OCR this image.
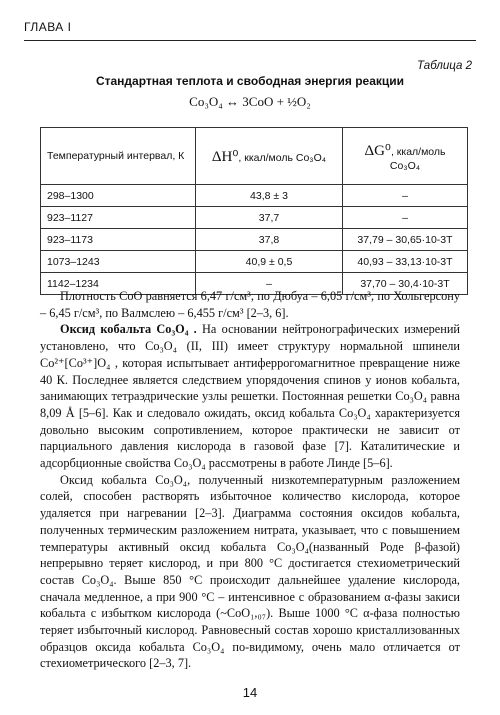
ГЛАВА I
Таблица 2
Стандартная теплота и свободная энергия реакции
Co₃O₄ ↔ 3CoO + ½O₂
Температурный интервал, К	ΔH⁰, ккал/моль Co₃O₄	ΔG⁰, ккал/моль
Co₃O₄
298–1300	43,8 ± 3	–
923–1127	37,7	–
923–1173	37,8	37,79 – 30,65·10-3T
1073–1243	40,9 ± 0,5	40,93 – 33,13·10-3T
1142–1234	–	37,70 – 30,4·10-3T

Плотность CoO равняется 6,47 г/см³, по Дюбуа – 6,05 г/см³, по Хольгерсону – 6,45 г/см³, по Валмслею – 6,455 г/см³ [2–3, 6].

Оксид кобальта Co₃O₄ . На основании нейтронографических измерений установлено, что Co₃O₄ (II, III) имеет структуру нормальной шпинели Co²⁺[Co³⁺]O₄ , которая испытывает антиферрогомагнитное превращение ниже 40 К. Последнее является следствием упорядочения спинов у ионов кобальта, занимающих тетраэдрические узлы решетки. Постоянная решетки Co₃O₄ равна 8,09 Å [5–6]. Как и следовало ожидать, оксид кобальта Co₃O₄ характеризуется довольно высоким сопротивлением, которое практически не зависит от парциального давления кислорода в газовой фазе [7]. Каталитические и адсорбционные свойства Co₃O₄ рассмотрены в работе Линде [5–6].

Оксид кобальта Co₃O₄, полученный низкотемпературным разложением солей, способен растворять избыточное количество кислорода, которое удаляется при нагревании [2–3]. Диаграмма состояния оксидов кобальта, полученных термическим разложением нитрата, указывает, что с повышением температуры активный оксид кобальта Co₃O₄(названный Роде β-фазой) непрерывно теряет кислород, и при 800 °C достигается стехиометрический состав Co₃O₄. Выше 850 °C происходит дальнейшее удаление кислорода, сначала медленное, а при 900 °C – интенсивное с образованием α-фазы закиси кобальта с избытком кислорода (~CoO₁,₀₇). Выше 1000 °C α-фаза полностью теряет избыточный кислород. Равновесный состав хорошо кристаллизованных образцов оксида кобальта Co₃O₄ по-видимому, очень мало отличается от стехиометрического [2–3, 7].

14
